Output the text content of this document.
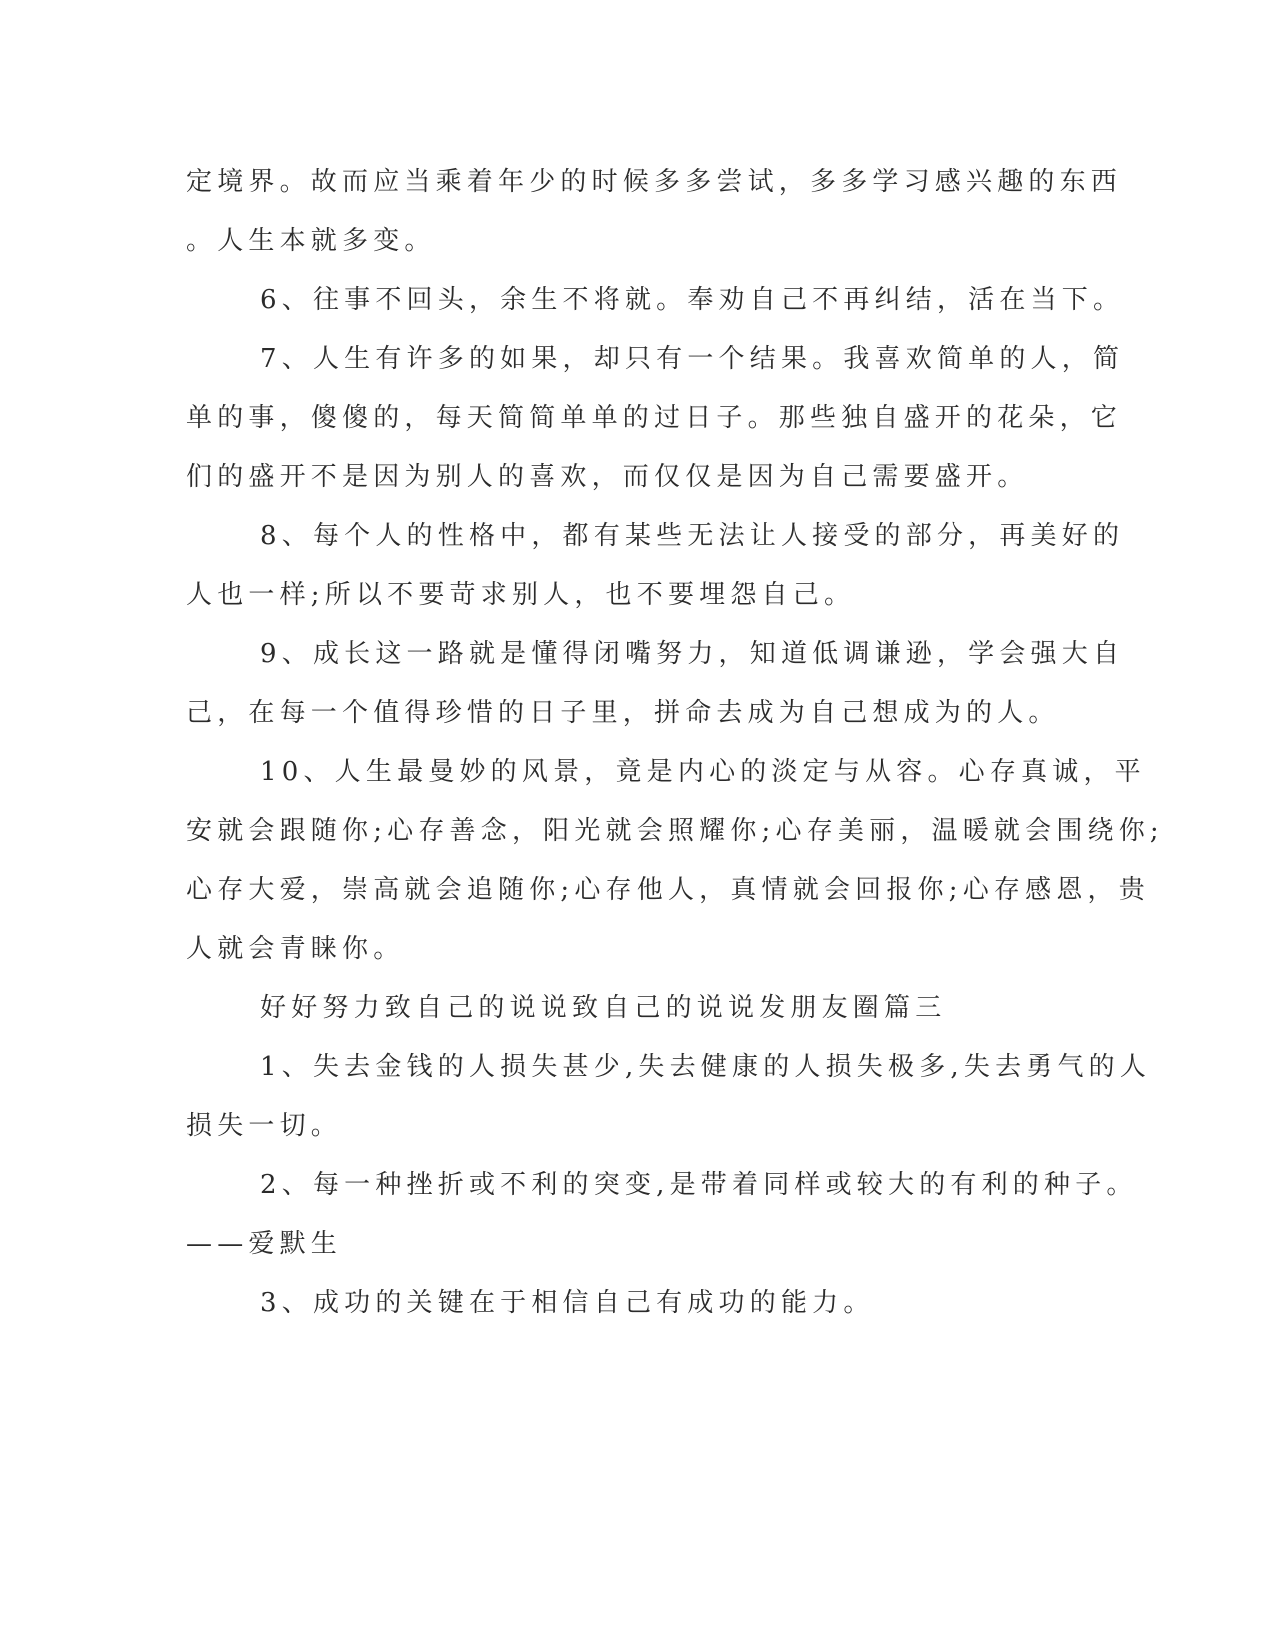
定境界。故而应当乘着年少的时候多多尝试，多多学习感兴趣的东西
。人生本就多变。
6、往事不回头，余生不将就。奉劝自己不再纠结，活在当下。
7、人生有许多的如果，却只有一个结果。我喜欢简单的人，简
单的事，傻傻的，每天简简单单的过日子。那些独自盛开的花朵，它
们的盛开不是因为别人的喜欢，而仅仅是因为自己需要盛开。
8、每个人的性格中，都有某些无法让人接受的部分，再美好的
人也一样;所以不要苛求别人，也不要埋怨自己。
9、成长这一路就是懂得闭嘴努力，知道低调谦逊，学会强大自
己，在每一个值得珍惜的日子里，拼命去成为自己想成为的人。
10、人生最曼妙的风景，竟是内心的淡定与从容。心存真诚，平
安就会跟随你;心存善念，阳光就会照耀你;心存美丽，温暖就会围绕你;
心存大爱，崇高就会追随你;心存他人，真情就会回报你;心存感恩，贵
人就会青睐你。
好好努力致自己的说说致自己的说说发朋友圈篇三
1、失去金钱的人损失甚少,失去健康的人损失极多,失去勇气的人
损失一切。
2、每一种挫折或不利的突变,是带着同样或较大的有利的种子。
——爱默生
3、成功的关键在于相信自己有成功的能力。
